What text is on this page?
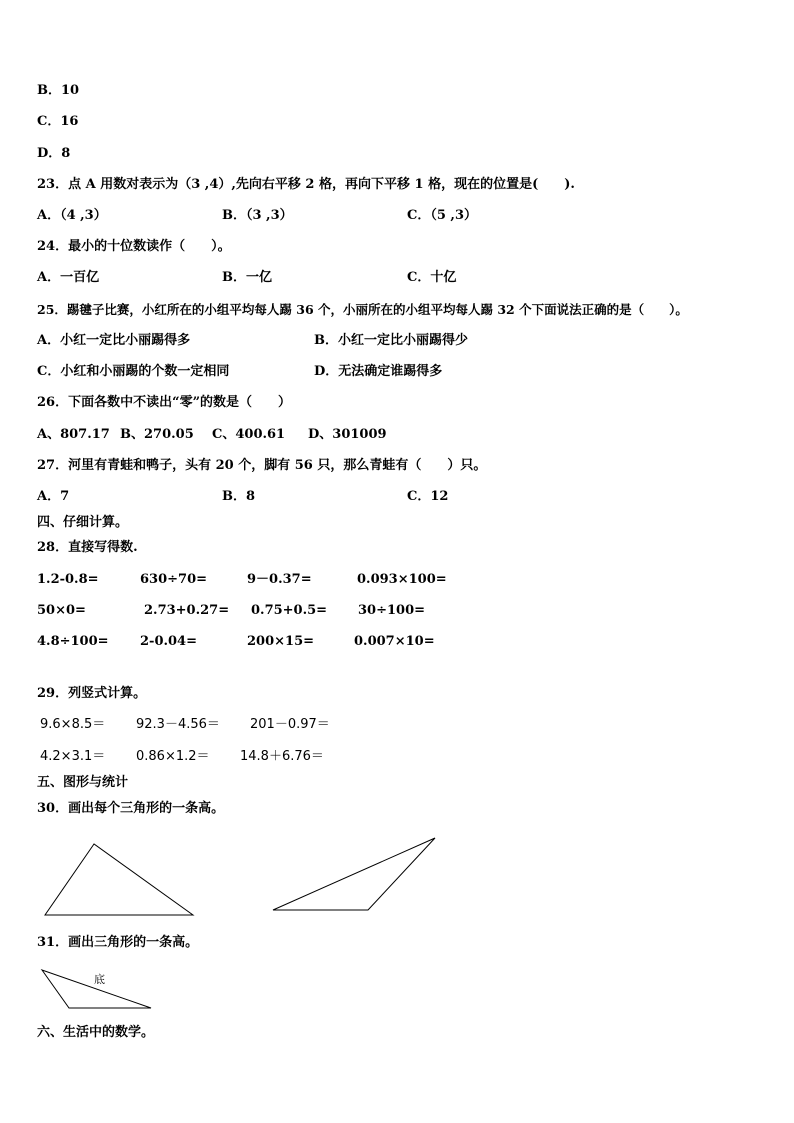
B．10
C．16
D．8
23．点 A 用数对表示为（3 ,4）,先向右平移 2 格，再向下平移 1 格，现在的位置是(　　).
A．（4 ,3）	B．（3 ,3）	C．（5 ,3）
24．最小的十位数读作（　　）。
A．一百亿	B．一亿	C．十亿
25．踢毽子比赛，小红所在的小组平均每人踢 36 个，小丽所在的小组平均每人踢 32 个下面说法正确的是（　　）。
A．小红一定比小丽踢得多	B．小红一定比小丽踢得少
C．小红和小丽踢的个数一定相同	D．无法确定谁踢得多
26．下面各数中不读出“零”的数是（　　）
A、807.17 B、270.05 C、400.61 D、301009
27．河里有青蛙和鸭子，头有 20 个，脚有 56 只，那么青蛙有（　　）只。
A．7	B．8	C．12
四、仔细计算。
28．直接写得数.
1.2-0.8=	630÷70=	9－0.37=	0.093×100=
50×0=	2.73+0.27= 0.75+0.5= 30÷100=
4.8÷100= 2-0.04=	200×15=	0.007×10=
29．列竖式计算。
9.6×8.5＝ 92.3－4.56＝ 201－0.97＝
4.2×3.1＝ 0.86×1.2＝ 14.8＋6.76＝
五、图形与统计
30．画出每个三角形的一条高。
底
31．画出三角形的一条高。
六、生活中的数学。
